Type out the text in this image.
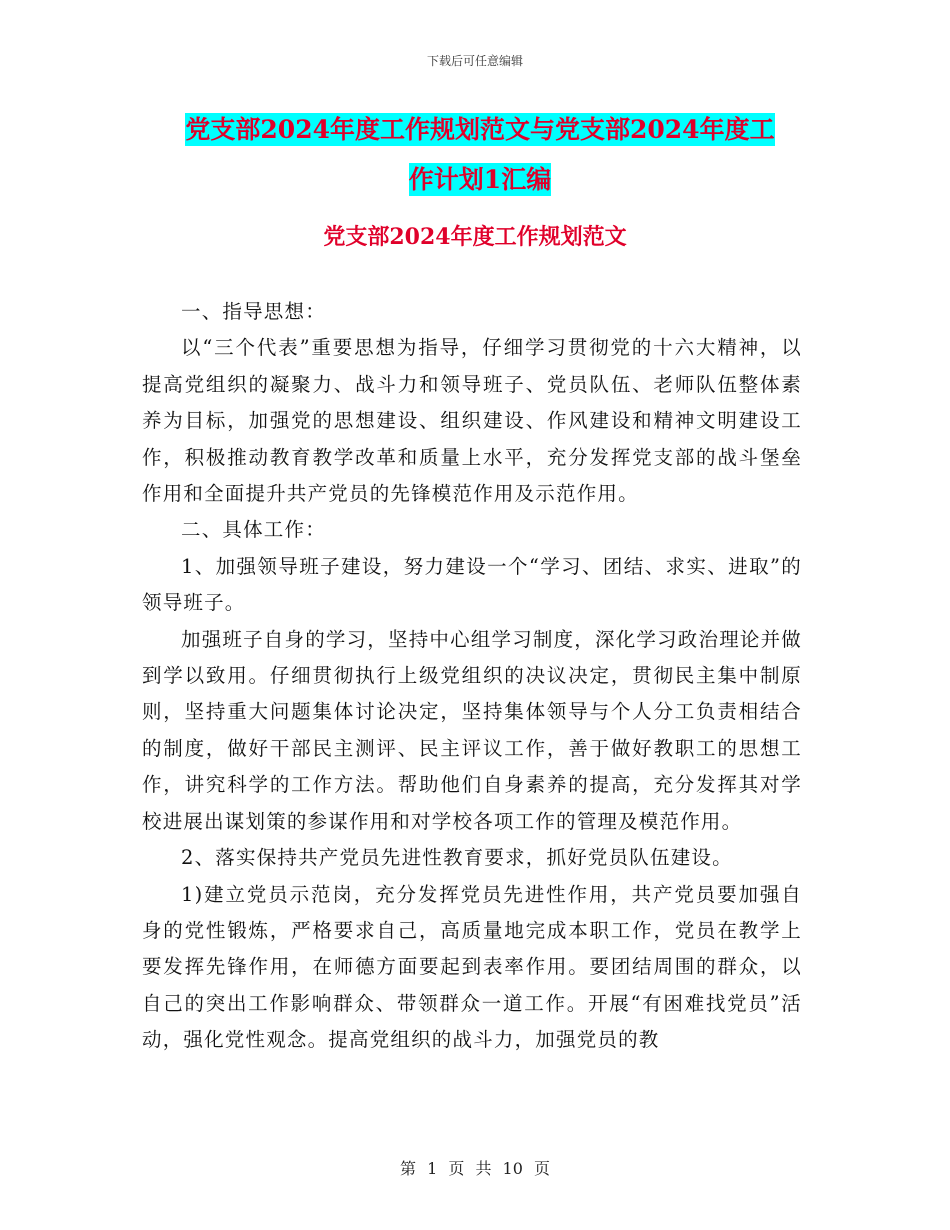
下载后可任意编辑
党支部2024年度工作规划范文与党支部2024年度工
作计划1汇编
党支部2024年度工作规划范文

一、指导思想：

以“三个代表”重要思想为指导，仔细学习贯彻党的十六大精神，以提高党组织的凝聚力、战斗力和领导班子、党员队伍、老师队伍整体素养为目标，加强党的思想建设、组织建设、作风建设和精神文明建设工作，积极推动教育教学改革和质量上水平，充分发挥党支部的战斗堡垒作用和全面提升共产党员的先锋模范作用及示范作用。

二、具体工作：

1、加强领导班子建设，努力建设一个“学习、团结、求实、进取”的领导班子。

加强班子自身的学习，坚持中心组学习制度，深化学习政治理论并做到学以致用。仔细贯彻执行上级党组织的决议决定，贯彻民主集中制原则，坚持重大问题集体讨论决定，坚持集体领导与个人分工负责相结合的制度，做好干部民主测评、民主评议工作，善于做好教职工的思想工作，讲究科学的工作方法。帮助他们自身素养的提高，充分发挥其对学校进展出谋划策的参谋作用和对学校各项工作的管理及模范作用。

2、落实保持共产党员先进性教育要求，抓好党员队伍建设。

1)建立党员示范岗，充分发挥党员先进性作用，共产党员要加强自身的党性锻炼，严格要求自己，高质量地完成本职工作，党员在教学上要发挥先锋作用，在师德方面要起到表率作用。要团结周围的群众，以自己的突出工作影响群众、带领群众一道工作。开展“有困难找党员”活动，强化党性观念。提高党组织的战斗力，加强党员的教

第 1 页 共 10 页
